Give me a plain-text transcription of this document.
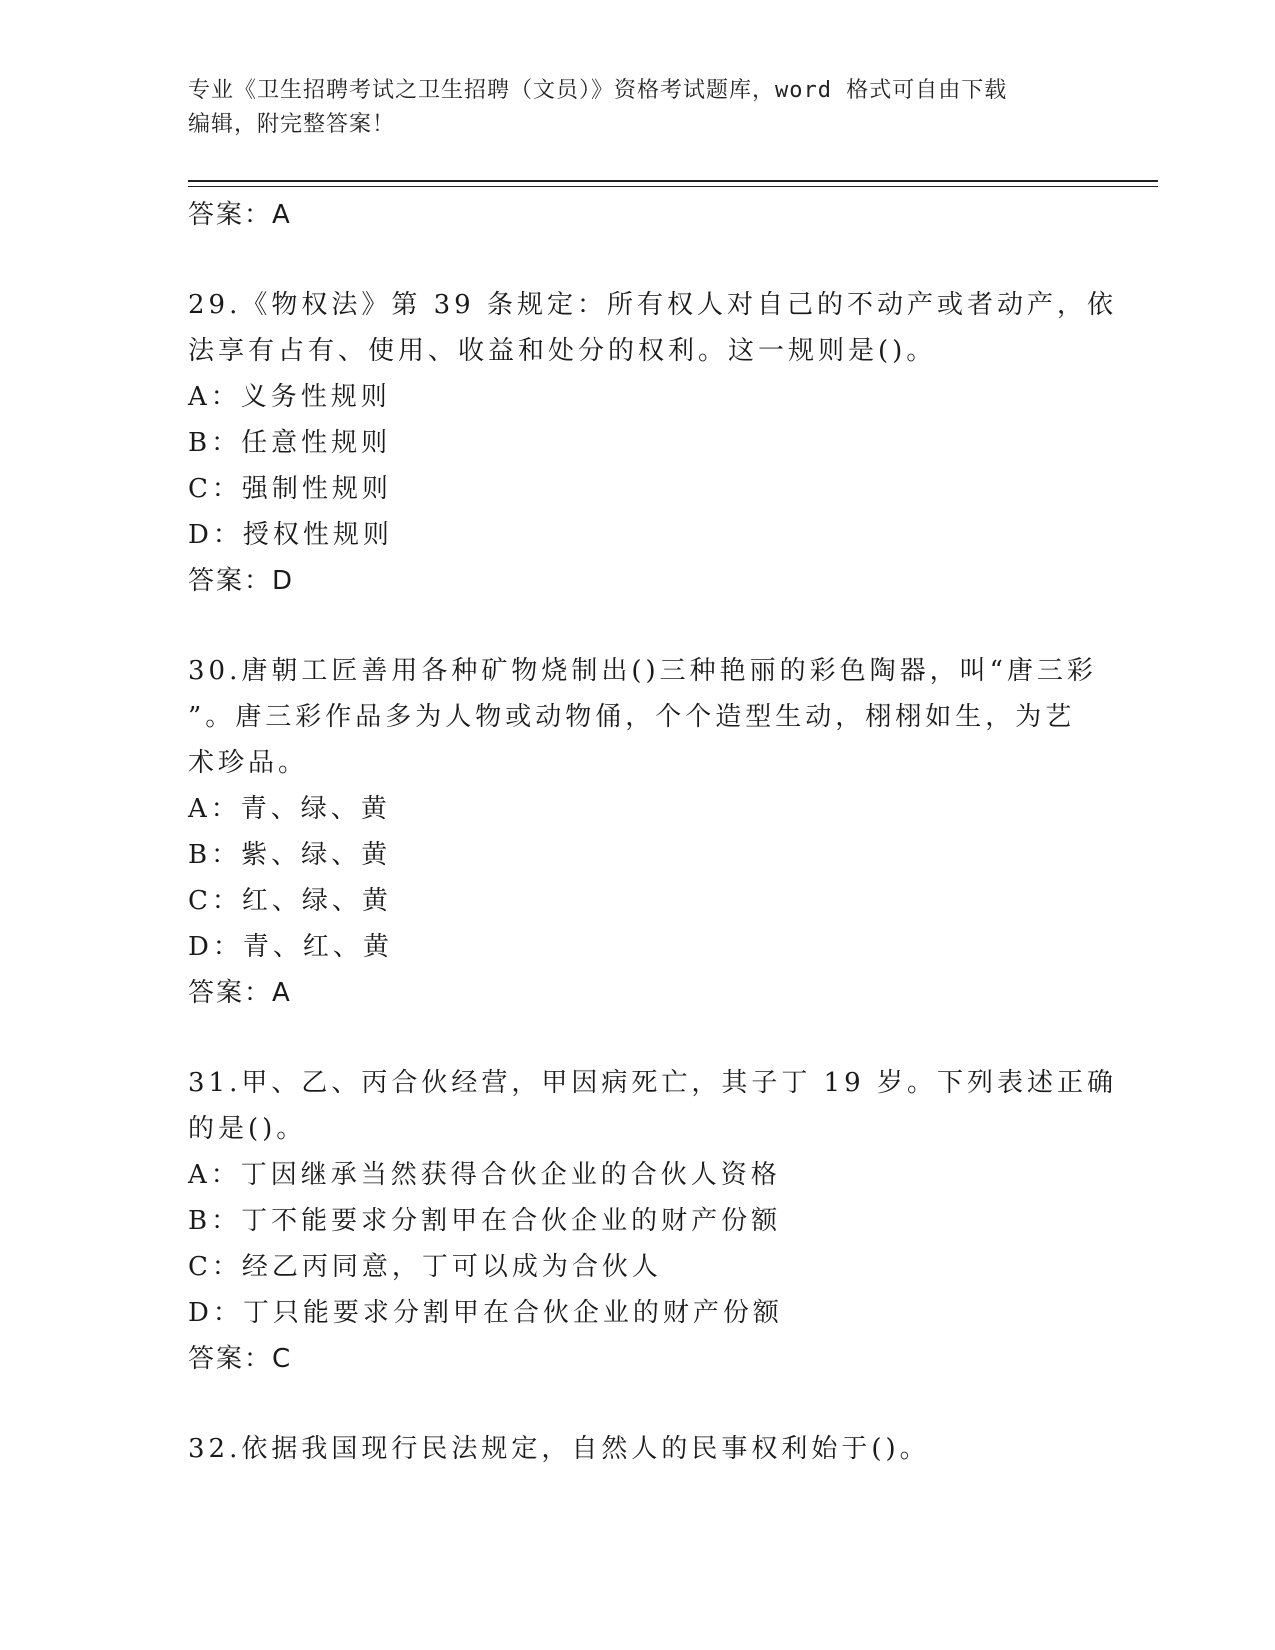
专业《卫生招聘考试之卫生招聘（文员）》资格考试题库，word 格式可自由下载
编辑，附完整答案！
答案：A
29.《物权法》第 39 条规定：所有权人对自己的不动产或者动产，依
法享有占有、使用、收益和处分的权利。这一规则是()。
A：义务性规则
B：任意性规则
C：强制性规则
D：授权性规则
答案：D
30.唐朝工匠善用各种矿物烧制出()三种艳丽的彩色陶器，叫“唐三彩
”。唐三彩作品多为人物或动物俑，个个造型生动，栩栩如生，为艺
术珍品。
A：青、绿、黄
B：紫、绿、黄
C：红、绿、黄
D：青、红、黄
答案：A
31.甲、乙、丙合伙经营，甲因病死亡，其子丁 19 岁。下列表述正确
的是()。
A：丁因继承当然获得合伙企业的合伙人资格
B：丁不能要求分割甲在合伙企业的财产份额
C：经乙丙同意，丁可以成为合伙人
D：丁只能要求分割甲在合伙企业的财产份额
答案：C
32.依据我国现行民法规定，自然人的民事权利始于()。
